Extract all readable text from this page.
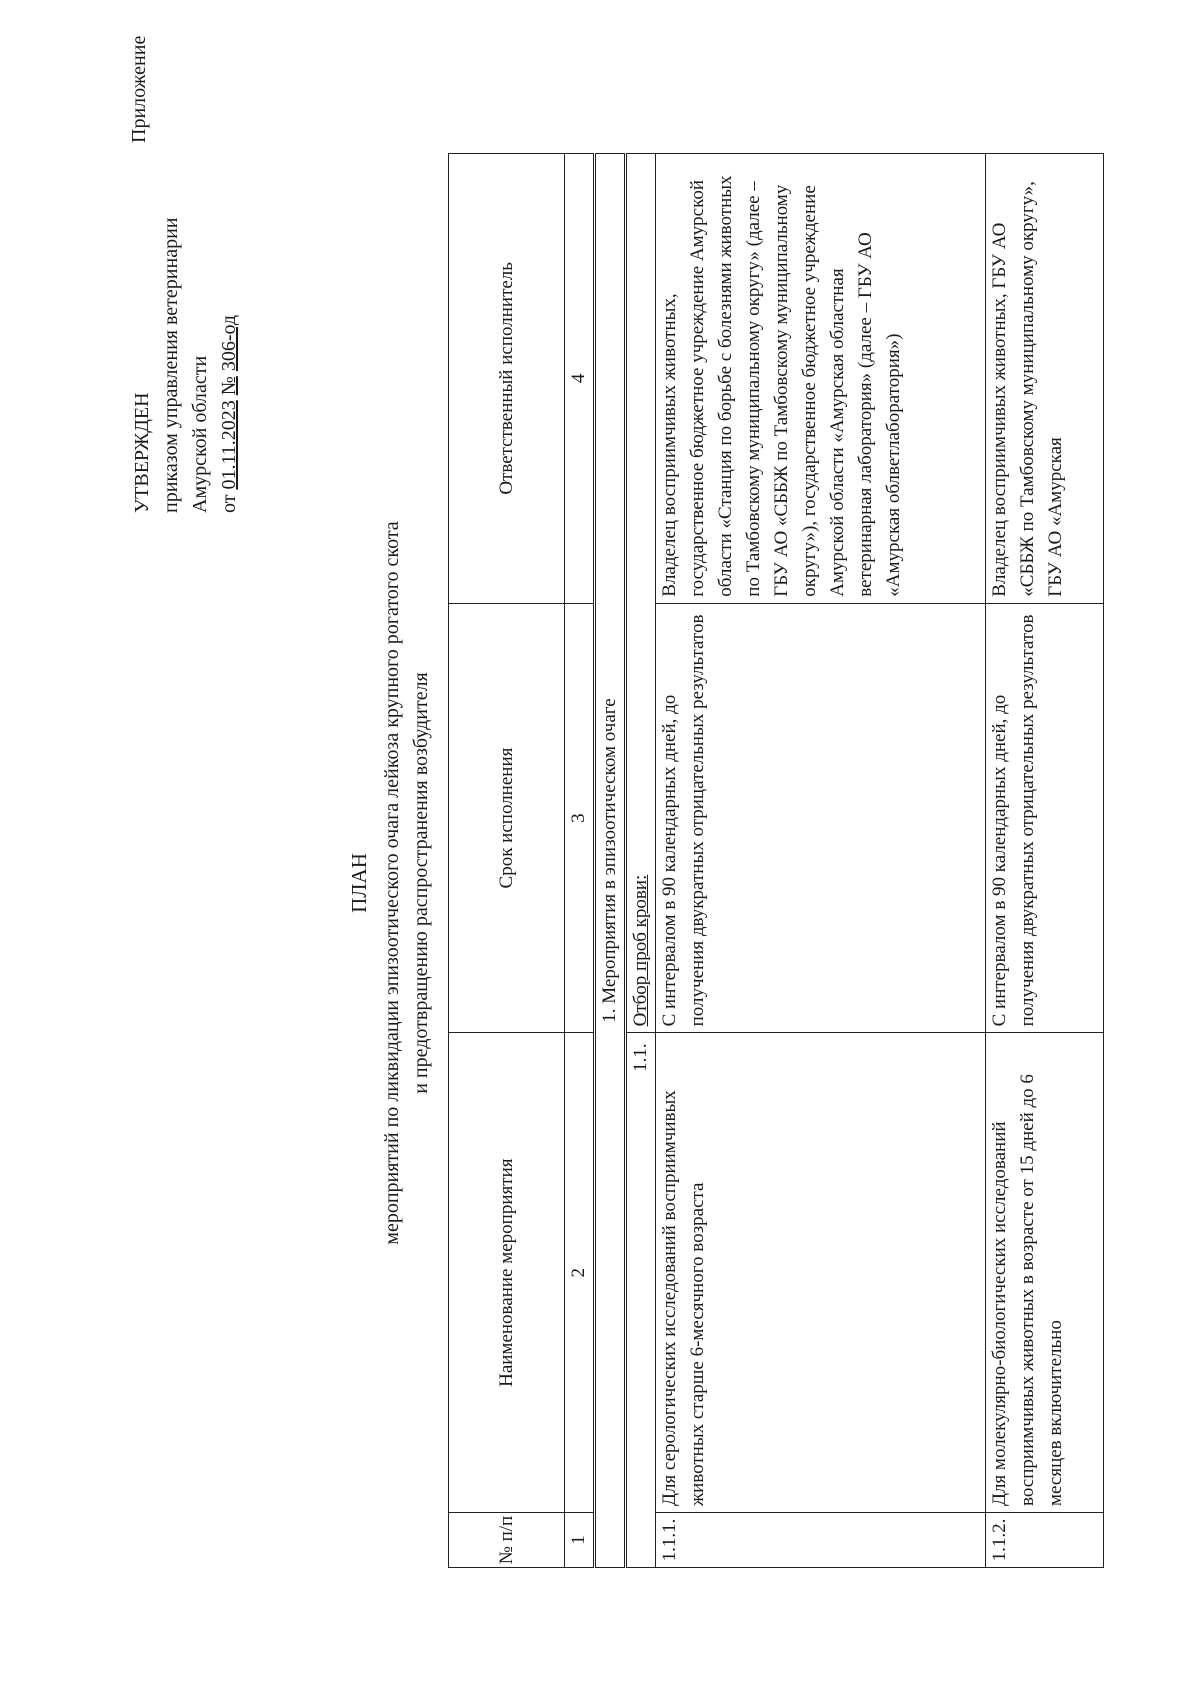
Приложение
УТВЕРЖДЕН приказом управления ветеринарии Амурской области от 01.11.2023 № 306-од
ПЛАН мероприятий по ликвидации эпизоотического очага лейкоза крупного рогатого скота и предотвращению распространения возбудителя
№ п/п	Наименование мероприятия	Срок исполнения	Ответственный исполнитель
1	2	3	4
1. Мероприятия в эпизоотическом очаге			
1.1.		Отбор проб крови:	
1.1.1.	Для серологических исследований восприимчивых животных старше 6-месячного возраста	С интервалом в 90 календарных дней, до получения двукратных отрицательных результатов	Владелец восприимчивых животных, государственное бюджетное учреждение Амурской области «Станция по борьбе с болезнями животных по Тамбовскому муниципальному округу» (далее – ГБУ АО «СББЖ по Тамбовскому муниципальному округу»), государственное бюджетное учреждение Амурской области «Амурская областная ветеринарная лаборатория» (далее – ГБУ АО «Амурская облветлаборатория»)
1.1.2.	Для молекулярно-биологических исследований восприимчивых животных в возрасте от 15 дней до 6 месяцев включительно	С интервалом в 90 календарных дней, до получения двукратных отрицательных результатов	Владелец восприимчивых животных, ГБУ АО «СББЖ по Тамбовскому муниципальному округу», ГБУ АО «Амурская
